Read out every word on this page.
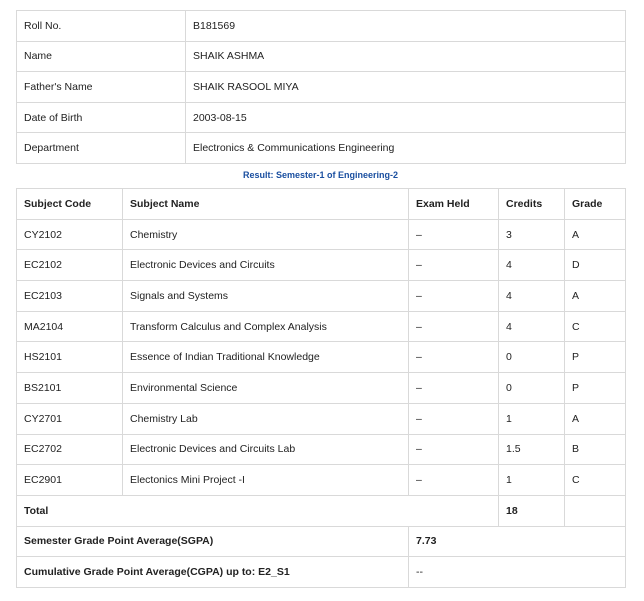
Roll No.	B181569
Name	SHAIK ASHMA
Father's Name	SHAIK RASOOL MIYA
Date of Birth	2003-08-15
Department	Electronics & Communications Engineering
Result: Semester-1 of Engineering-2
Subject Code	Subject Name	Exam Held	Credits	Grade
CY2102	Chemistry	–	3	A
EC2102	Electronic Devices and Circuits	–	4	D
EC2103	Signals and Systems	–	4	A
MA2104	Transform Calculus and Complex Analysis	–	4	C
HS2101	Essence of Indian Traditional Knowledge	–	0	P
BS2101	Environmental Science	–	0	P
CY2701	Chemistry Lab	–	1	A
EC2702	Electronic Devices and Circuits Lab	–	1.5	B
EC2901	Electonics Mini Project -I	–	1	C
Total			18	
Semester Grade Point Average(SGPA)		7.73		
Cumulative Grade Point Average(CGPA) up to: E2_S1		--		
